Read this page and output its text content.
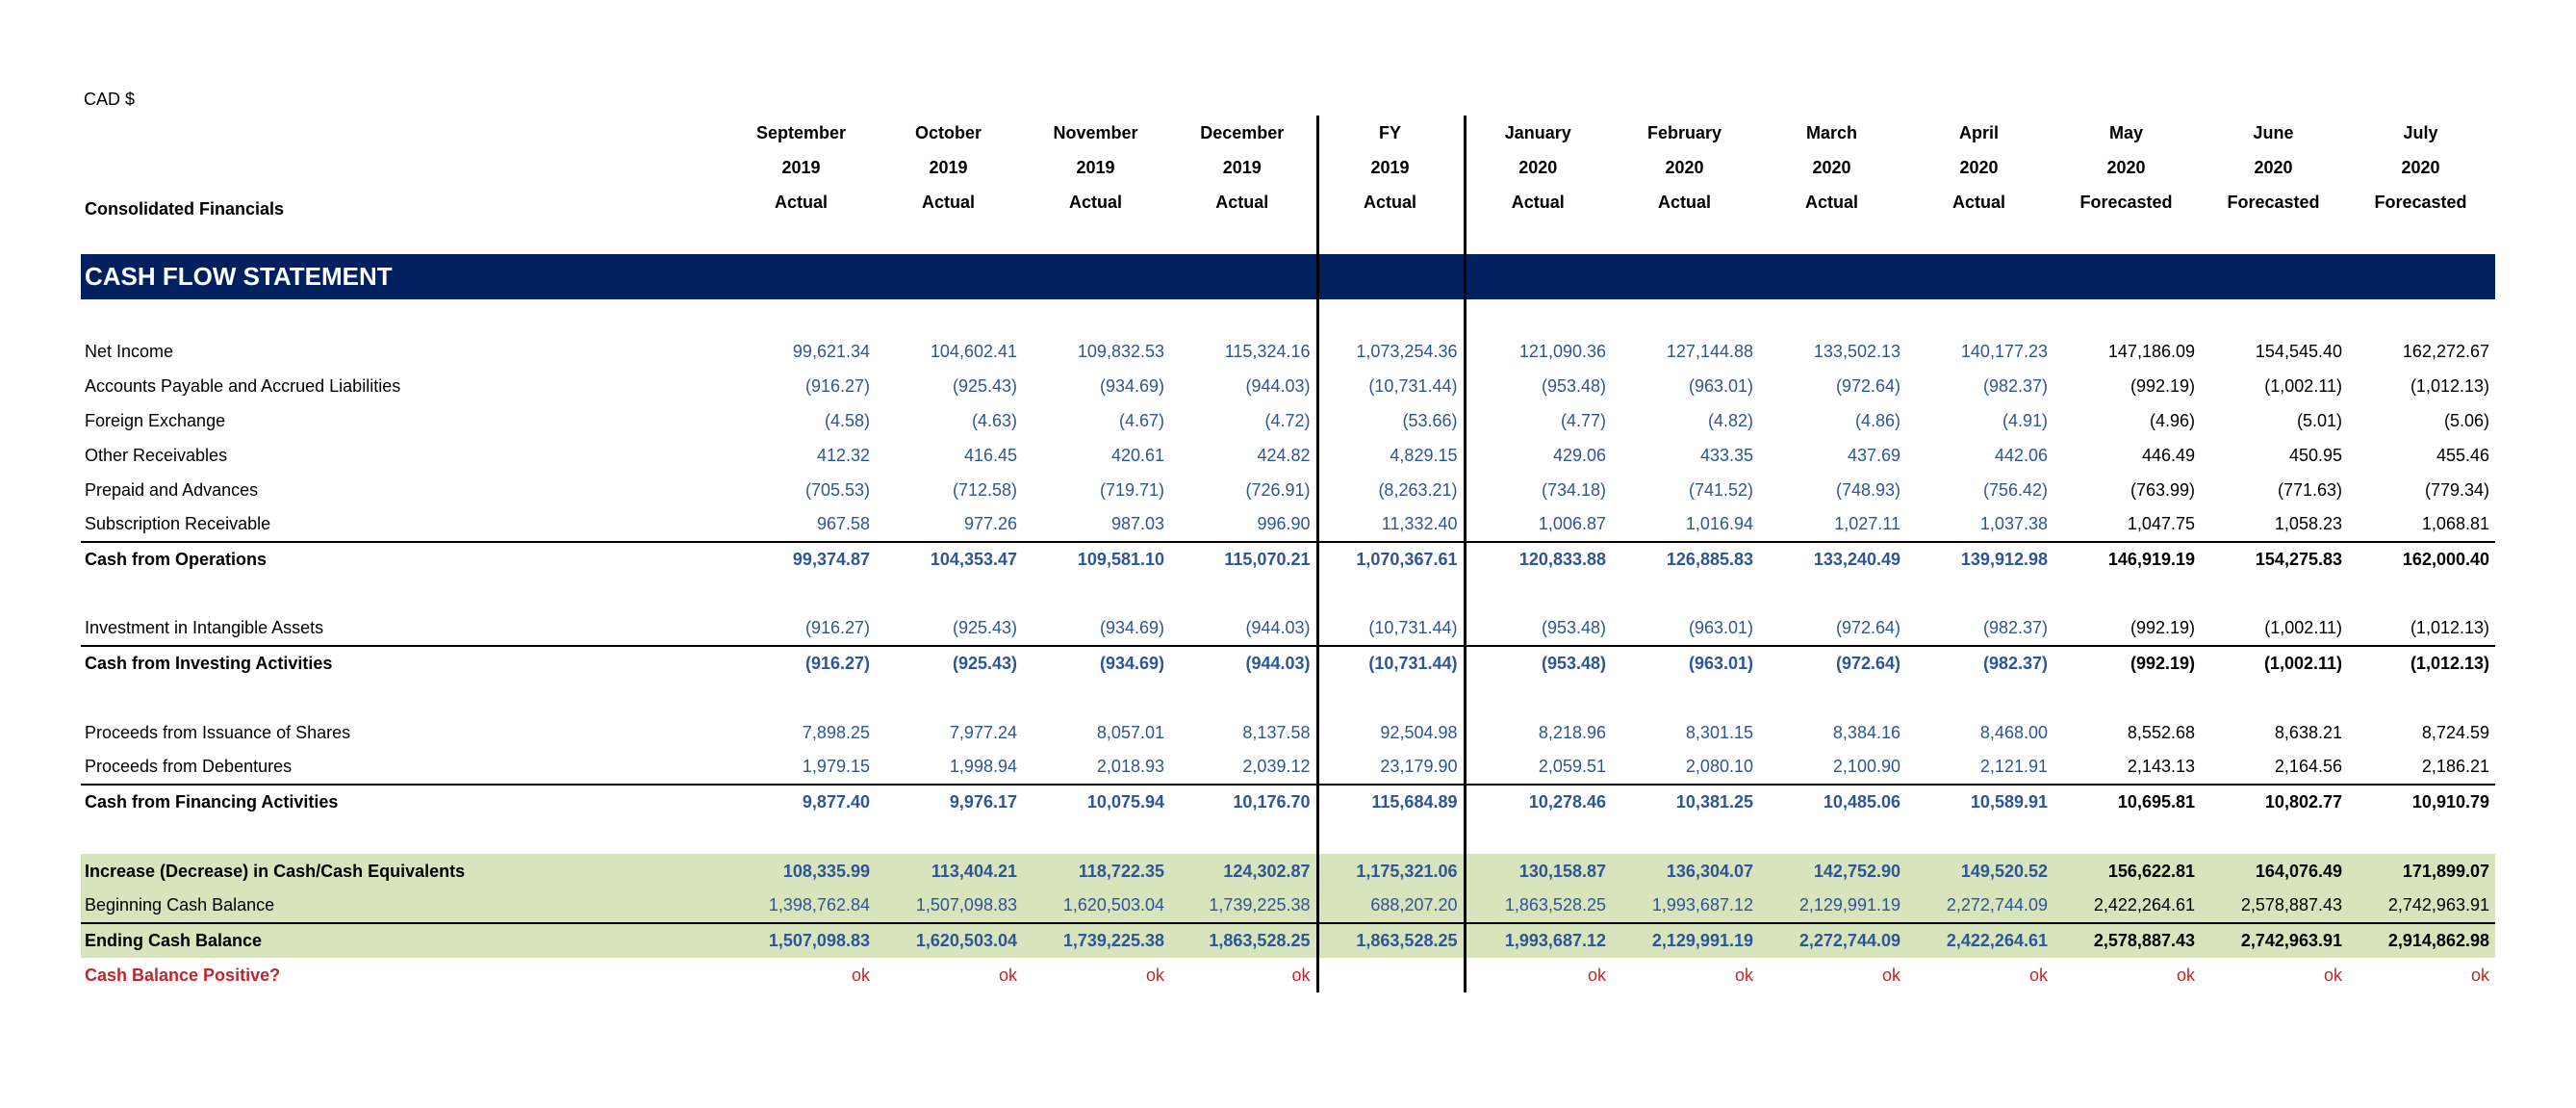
CAD $
	September	October	November	December	FY	January	February	March	April	May	June	July
	2019	2019	2019	2019	2019	2020	2020	2020	2020	2020	2020	2020
Consolidated Financials	Actual	Actual	Actual	Actual	Actual	Actual	Actual	Actual	Actual	Forecasted	Forecasted	Forecasted

CASH FLOW STATEMENT												

Net Income	99,621.34	104,602.41	109,832.53	115,324.16	1,073,254.36	121,090.36	127,144.88	133,502.13	140,177.23	147,186.09	154,545.40	162,272.67
Accounts Payable and Accrued Liabilities	(916.27)	(925.43)	(934.69)	(944.03)	(10,731.44)	(953.48)	(963.01)	(972.64)	(982.37)	(992.19)	(1,002.11)	(1,012.13)
Foreign Exchange	(4.58)	(4.63)	(4.67)	(4.72)	(53.66)	(4.77)	(4.82)	(4.86)	(4.91)	(4.96)	(5.01)	(5.06)
Other Receivables	412.32	416.45	420.61	424.82	4,829.15	429.06	433.35	437.69	442.06	446.49	450.95	455.46
Prepaid and Advances	(705.53)	(712.58)	(719.71)	(726.91)	(8,263.21)	(734.18)	(741.52)	(748.93)	(756.42)	(763.99)	(771.63)	(779.34)
Subscription Receivable	967.58	977.26	987.03	996.90	11,332.40	1,006.87	1,016.94	1,027.11	1,037.38	1,047.75	1,058.23	1,068.81
Cash from Operations	99,374.87	104,353.47	109,581.10	115,070.21	1,070,367.61	120,833.88	126,885.83	133,240.49	139,912.98	146,919.19	154,275.83	162,000.40

Investment in Intangible Assets	(916.27)	(925.43)	(934.69)	(944.03)	(10,731.44)	(953.48)	(963.01)	(972.64)	(982.37)	(992.19)	(1,002.11)	(1,012.13)
Cash from Investing Activities	(916.27)	(925.43)	(934.69)	(944.03)	(10,731.44)	(953.48)	(963.01)	(972.64)	(982.37)	(992.19)	(1,002.11)	(1,012.13)

Proceeds from Issuance of Shares	7,898.25	7,977.24	8,057.01	8,137.58	92,504.98	8,218.96	8,301.15	8,384.16	8,468.00	8,552.68	8,638.21	8,724.59
Proceeds from Debentures	1,979.15	1,998.94	2,018.93	2,039.12	23,179.90	2,059.51	2,080.10	2,100.90	2,121.91	2,143.13	2,164.56	2,186.21
Cash from Financing Activities	9,877.40	9,976.17	10,075.94	10,176.70	115,684.89	10,278.46	10,381.25	10,485.06	10,589.91	10,695.81	10,802.77	10,910.79

Increase (Decrease) in Cash/Cash Equivalents	108,335.99	113,404.21	118,722.35	124,302.87	1,175,321.06	130,158.87	136,304.07	142,752.90	149,520.52	156,622.81	164,076.49	171,899.07
Beginning Cash Balance	1,398,762.84	1,507,098.83	1,620,503.04	1,739,225.38	688,207.20	1,863,528.25	1,993,687.12	2,129,991.19	2,272,744.09	2,422,264.61	2,578,887.43	2,742,963.91
Ending Cash Balance	1,507,098.83	1,620,503.04	1,739,225.38	1,863,528.25	1,863,528.25	1,993,687.12	2,129,991.19	2,272,744.09	2,422,264.61	2,578,887.43	2,742,963.91	2,914,862.98
Cash Balance Positive?	ok	ok	ok	ok		ok	ok	ok	ok	ok	ok	ok
